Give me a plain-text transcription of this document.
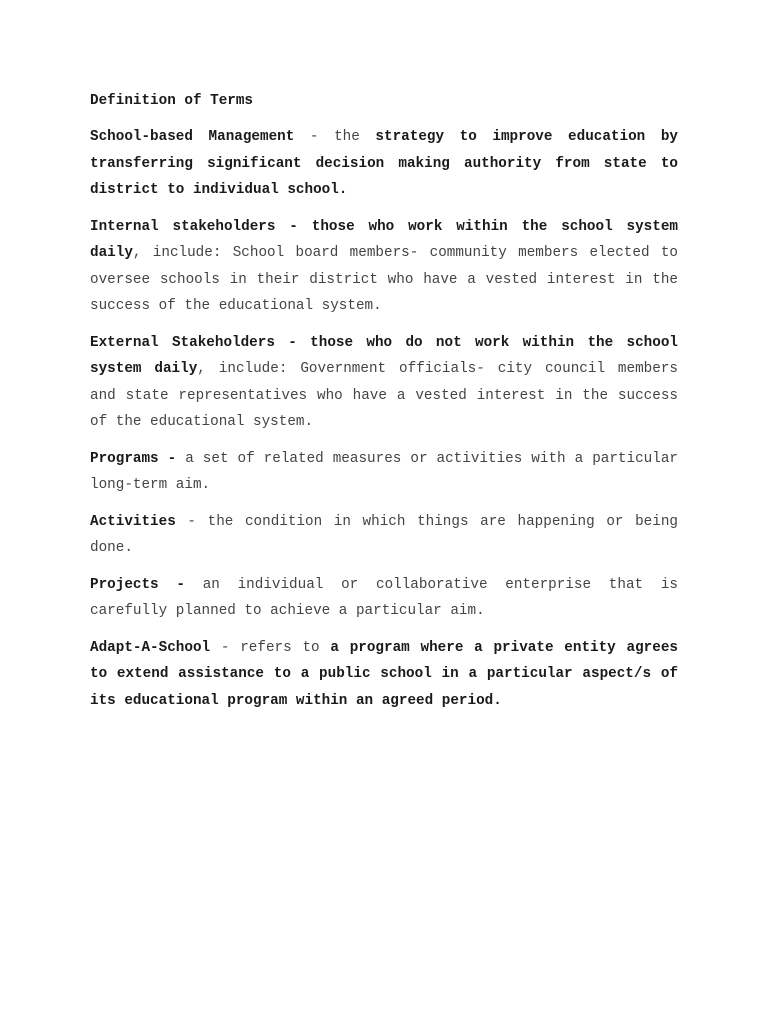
Definition of Terms

School-based Management - the strategy to improve education by transferring significant decision making authority from state to district to individual school.

Internal stakeholders - those who work within the school system daily, include: School board members- community members elected to oversee schools in their district who have a vested interest in the success of the educational system.

External Stakeholders - those who do not work within the school system daily, include: Government officials- city council members and state representatives who have a vested interest in the success of the educational system.

Programs - a set of related measures or activities with a particular long-term aim.

Activities - the condition in which things are happening or being done.

Projects - an individual or collaborative enterprise that is carefully planned to achieve a particular aim.

Adapt-A-School - refers to a program where a private entity agrees to extend assistance to a public school in a particular aspect/s of its educational program within an agreed period.
